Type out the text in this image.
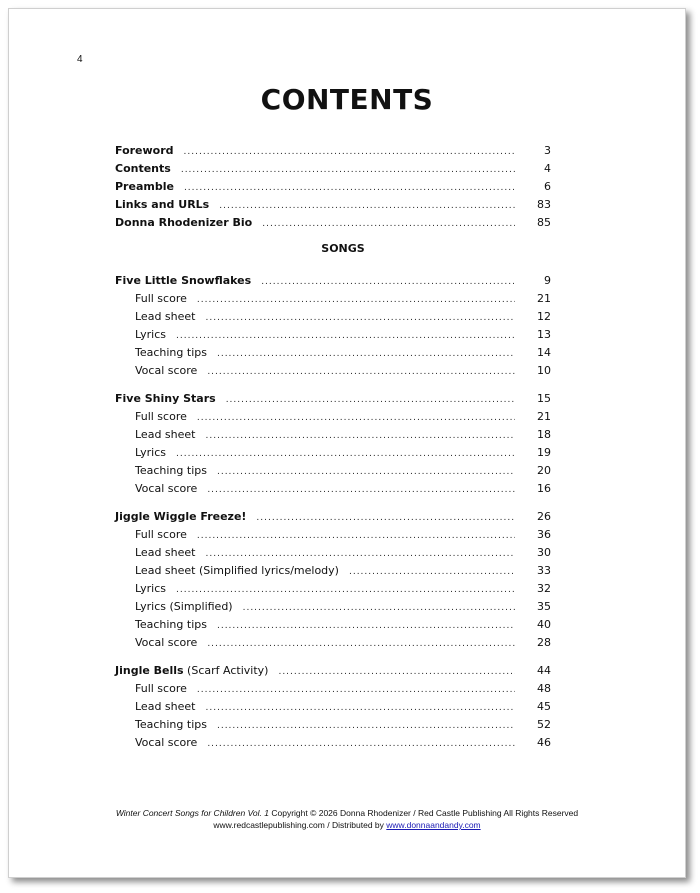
4
CONTENTS
Foreword .....	3
Contents .....	4
Preamble .....	6
Links and URLs .....	83
Donna Rhodenizer Bio .....	85
SONGS
Five Little Snowflakes .....	9
Full score .....	21
Lead sheet .....	12
Lyrics .....	13
Teaching tips .....	14
Vocal score .....	10
Five Shiny Stars .....	15
Full score .....	21
Lead sheet .....	18
Lyrics .....	19
Teaching tips .....	20
Vocal score .....	16
Jiggle Wiggle Freeze! .....	26
Full score .....	36
Lead sheet .....	30
Lead sheet (Simplified lyrics/melody) .....	33
Lyrics .....	32
Lyrics (Simplified) .....	35
Teaching tips .....	40
Vocal score .....	28
Jingle Bells (Scarf Activity) .....	44
Full score .....	48
Lead sheet .....	45
Teaching tips .....	52
Vocal score .....	46
Winter Concert Songs for Children Vol. 1 Copyright © 2026 Donna Rhodenizer / Red Castle Publishing All Rights Reserved
www.redcastlepublishing.com / Distributed by www.donnaandandy.com
